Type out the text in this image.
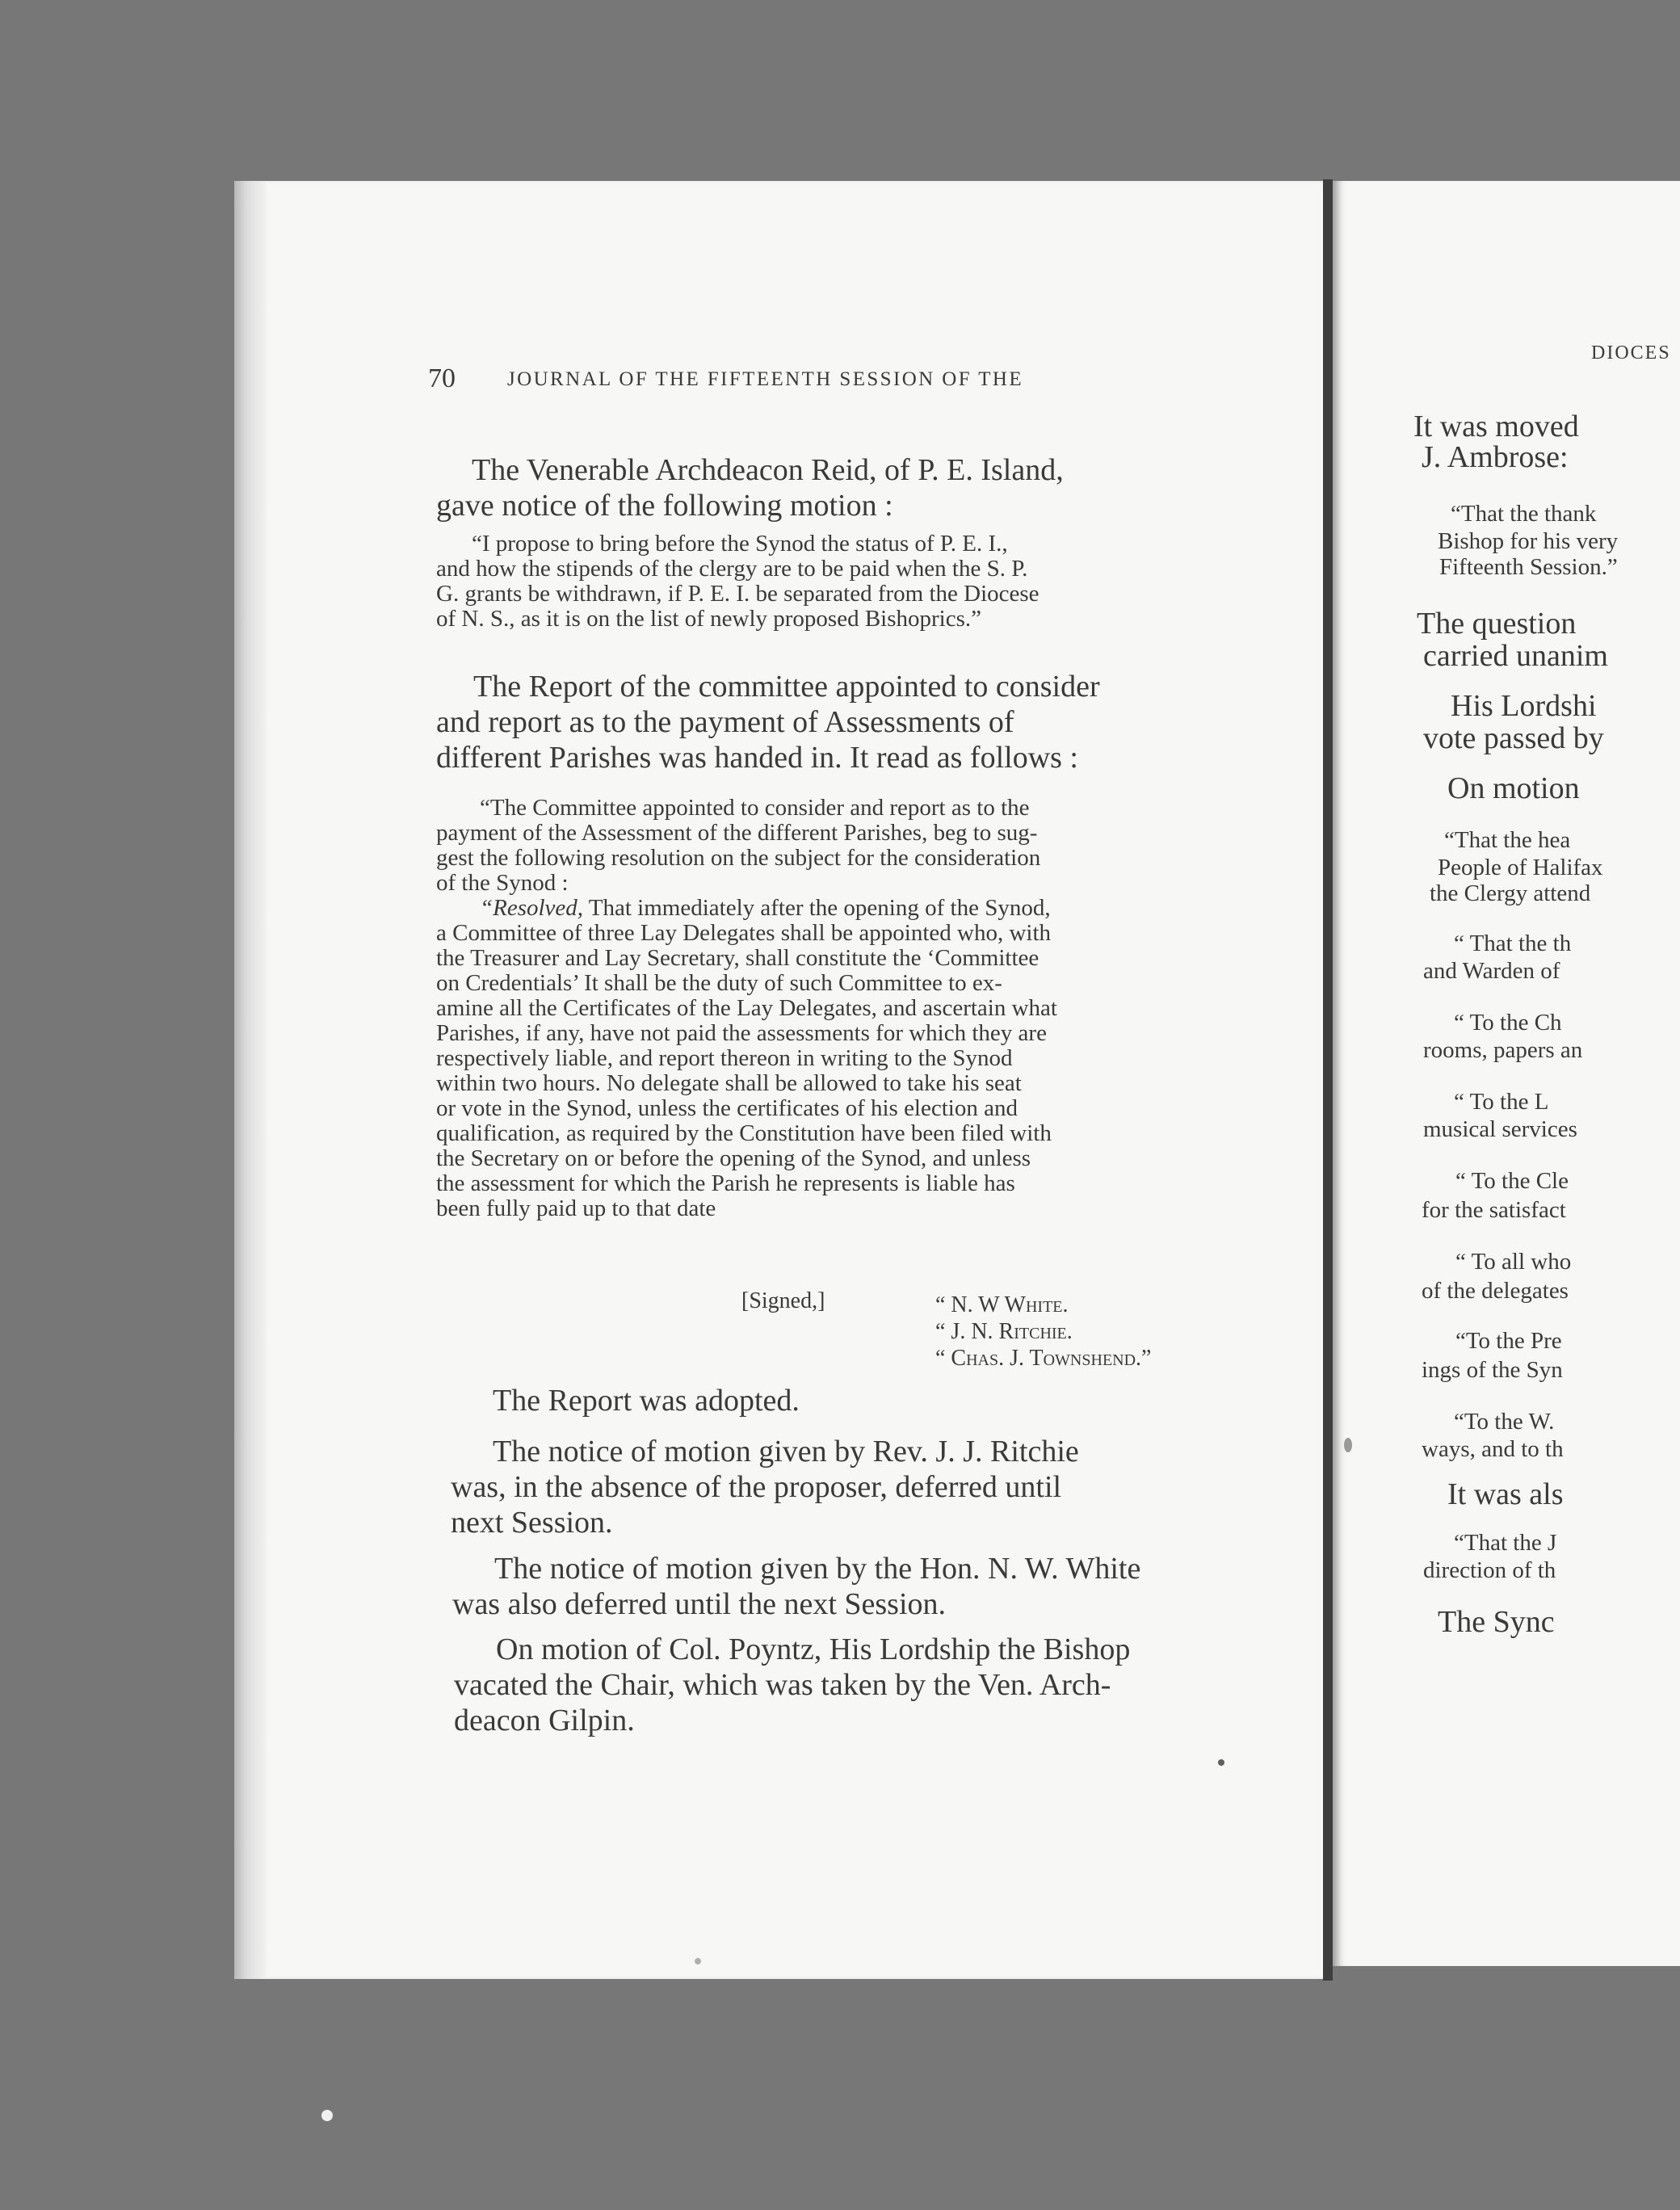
DIOCES
It was moved
J. Ambrose:
“That the thank
Bishop for his very
Fifteenth Session.”
The question
carried unanim
His Lordshi
vote passed by
On motion
“That the hea
People of Halifax
the Clergy attend
“ That the th
and Warden of
“ To the Ch
rooms, papers an
“ To the L
musical services
“ To the Cle
for the satisfact
“ To all who
of the delegates
“To the Pre
ings of the Syn
“To the W.
ways, and to th
It was als
“That the J
direction of th
The Sync
70	JOURNAL OF THE FIFTEENTH SESSION OF THE

The Venerable Archdeacon Reid, of P. E. Island,

gave notice of the following motion :

“I propose to bring before the Synod the status of P. E. I.,

and how the stipends of the clergy are to be paid when the S. P.

G. grants be withdrawn, if P. E. I. be separated from the Diocese

of N. S., as it is on the list of newly proposed Bishoprics.”

The Report of the committee appointed to consider

and report as to the payment of Assessments of

different Parishes was handed in. It read as follows :

“The Committee appointed to consider and report as to the

payment of the Assessment of the different Parishes, beg to sug-

gest the following resolution on the subject for the consideration

of the Synod :

“Resolved, That immediately after the opening of the Synod,

a Committee of three Lay Delegates shall be appointed who, with

the Treasurer and Lay Secretary, shall constitute the ‘Committee

on Credentials’ It shall be the duty of such Committee to ex-

amine all the Certificates of the Lay Delegates, and ascertain what

Parishes, if any, have not paid the assessments for which they are

respectively liable, and report thereon in writing to the Synod

within two hours. No delegate shall be allowed to take his seat

or vote in the Synod, unless the certificates of his election and

qualification, as required by the Constitution have been filed with

the Secretary on or before the opening of the Synod, and unless

the assessment for which the Parish he represents is liable has

been fully paid up to that date

[Signed,]	“ N. W White.
“ J. N. Ritchie.
“ Chas. J. Townshend.”
The Report was adopted.

The notice of motion given by Rev. J. J. Ritchie

was, in the absence of the proposer, deferred until

next Session.

The notice of motion given by the Hon. N. W. White

was also deferred until the next Session.

On motion of Col. Poyntz, His Lordship the Bishop

vacated the Chair, which was taken by the Ven. Arch-

deacon Gilpin.
